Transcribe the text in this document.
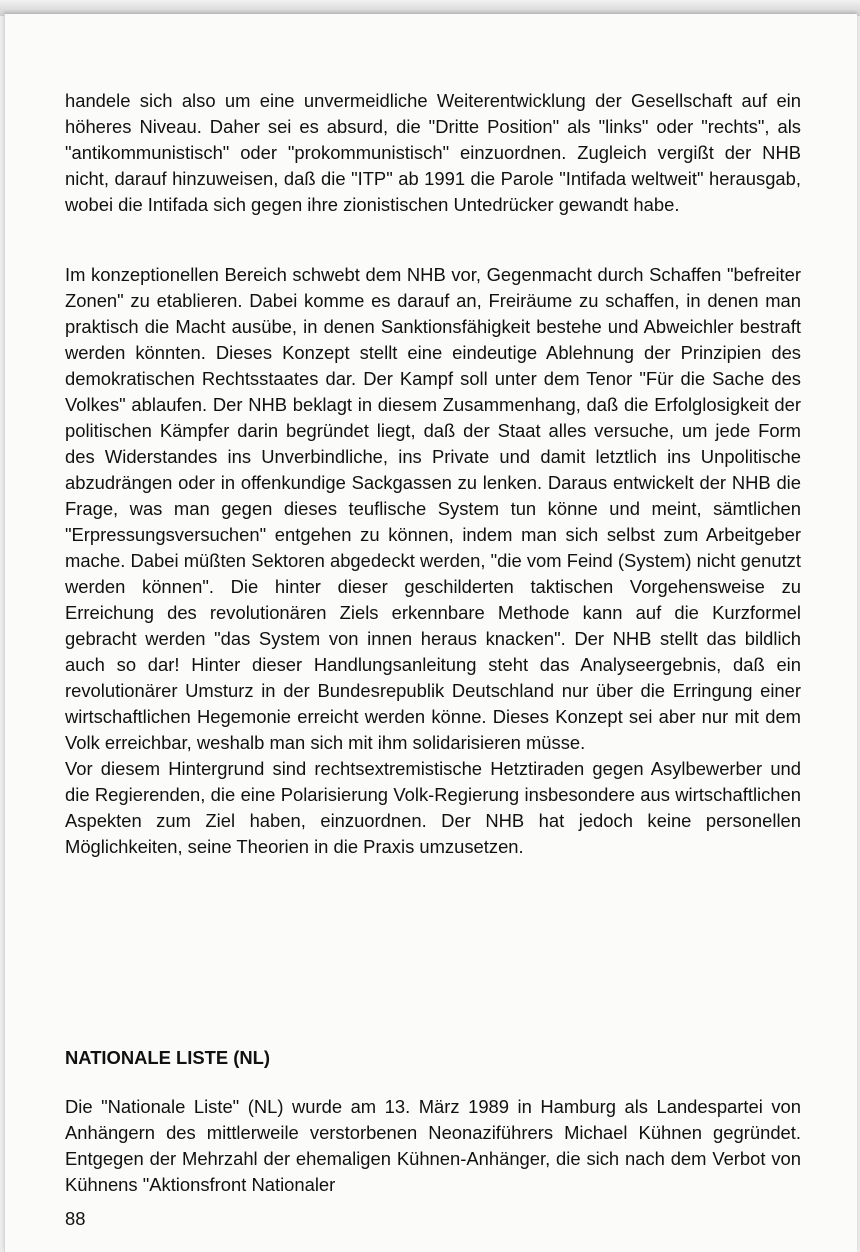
handele sich also um eine unvermeidliche Weiterentwicklung der Gesellschaft auf ein höheres Niveau. Daher sei es absurd, die "Dritte Position" als "links" oder "rechts", als "antikommunistisch" oder "prokommunistisch" einzuordnen. Zugleich vergißt der NHB nicht, darauf hinzuweisen, daß die "ITP" ab 1991 die Parole "Intifada weltweit" herausgab, wobei die Intifada sich gegen ihre zionistischen Untedrücker gewandt habe.

Im konzeptionellen Bereich schwebt dem NHB vor, Gegenmacht durch Schaffen "befreiter Zonen" zu etablieren. Dabei komme es darauf an, Freiräume zu schaffen, in denen man praktisch die Macht ausübe, in denen Sanktionsfähigkeit bestehe und Abweichler bestraft werden könnten. Dieses Konzept stellt eine eindeutige Ablehnung der Prinzipien des demokratischen Rechtsstaates dar. Der Kampf soll unter dem Tenor "Für die Sache des Volkes" ablaufen. Der NHB beklagt in diesem Zusammenhang, daß die Erfolglosigkeit der politischen Kämpfer darin begründet liegt, daß der Staat alles versuche, um jede Form des Widerstandes ins Unverbindliche, ins Private und damit letztlich ins Unpolitische abzudrängen oder in offenkundige Sackgassen zu lenken. Daraus entwickelt der NHB die Frage, was man gegen dieses teuflische System tun könne und meint, sämtlichen "Erpressungsversuchen" entgehen zu können, indem man sich selbst zum Arbeitgeber mache. Dabei müßten Sektoren abgedeckt werden, "die vom Feind (System) nicht genutzt werden können". Die hinter dieser geschilderten taktischen Vorgehensweise zu Erreichung des revolutionären Ziels erkennbare Methode kann auf die Kurzformel gebracht werden "das System von innen heraus knacken". Der NHB stellt das bildlich auch so dar! Hinter dieser Handlungsanleitung steht das Analyseergebnis, daß ein revolutionärer Umsturz in der Bundesrepublik Deutschland nur über die Erringung einer wirtschaftlichen Hegemonie erreicht werden könne. Dieses Konzept sei aber nur mit dem Volk erreichbar, weshalb man sich mit ihm solidarisieren müsse.

Vor diesem Hintergrund sind rechtsextremistische Hetztiraden gegen Asylbewerber und die Regierenden, die eine Polarisierung Volk-Regierung insbesondere aus wirtschaftlichen Aspekten zum Ziel haben, einzuordnen. Der NHB hat jedoch keine personellen Möglichkeiten, seine Theorien in die Praxis umzusetzen.

NATIONALE LISTE (NL)

Die "Nationale Liste" (NL) wurde am 13. März 1989 in Hamburg als Landespartei von Anhängern des mittlerweile verstorbenen Neonaziführers Michael Kühnen gegründet. Entgegen der Mehrzahl der ehemaligen Kühnen-Anhänger, die sich nach dem Verbot von Kühnens "Aktionsfront Nationaler

88
